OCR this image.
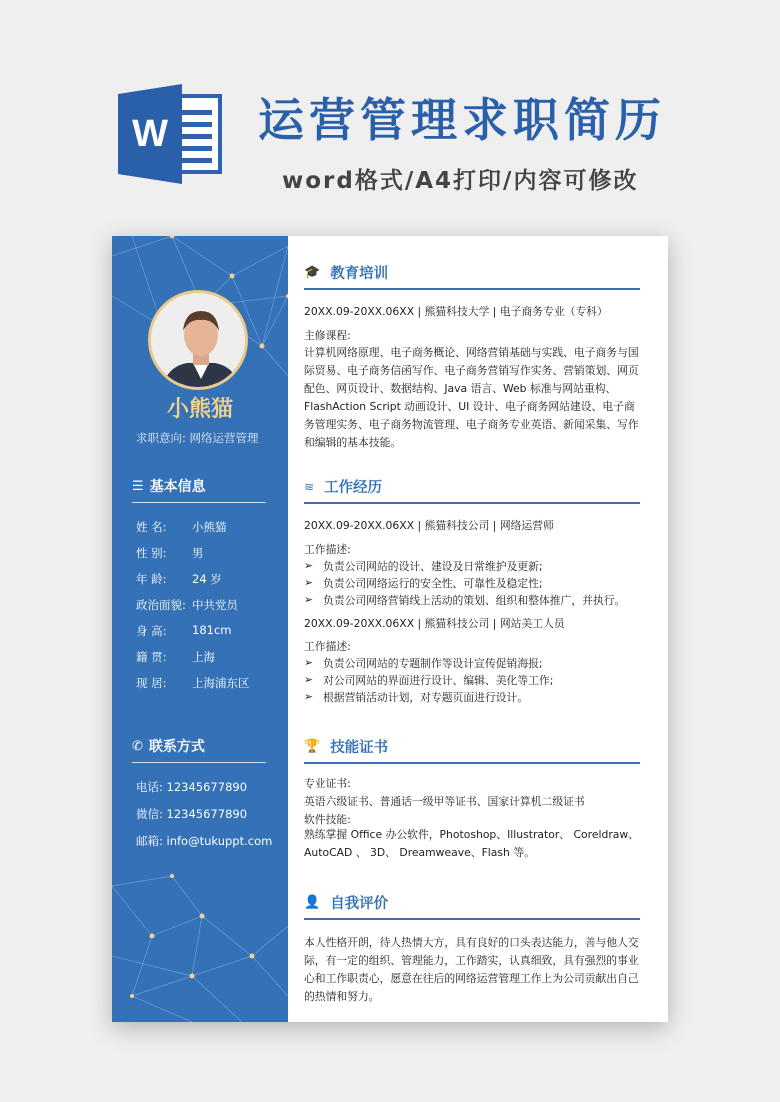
W 运营管理求职简历
word格式/A4打印/内容可修改
小熊猫
求职意向: 网络运营管理
☰ 基本信息
姓 名:	小熊猫
性 别:	男
年 龄:	24 岁
政治面貌: 中共党员
身 高:	181cm
籍 贯:	上海
现 居:	上海浦东区
✆ 联系方式
电话: 12345677890
微信: 12345677890
邮箱: info@tukuppt.com
🎓 教育培训
20XX.09-20XX.06XX | 熊猫科技大学 | 电子商务专业（专科）
主修课程:
计算机网络原理、电子商务概论、网络营销基础与实践、电子商务与国际贸易、电子商务信函写作、电子商务营销写作实务、营销策划、网页 配色、网页设计、数据结构、Java 语言、Web 标准与网站重构、FlashAction Script 动画设计、UI 设计、电子商务网站建设、电子商务管理实务、电子商务物流管理、电子商务专业英语、新闻采集、写作和编辑的基本技能。
≋ 工作经历
20XX.09-20XX.06XX | 熊猫科技公司 | 网络运营师
工作描述:
➢ 负责公司网站的设计、建设及日常维护及更新;
➢ 负责公司网络运行的安全性、可靠性及稳定性;
➢ 负责公司网络营销线上活动的策划、组织和整体推广，并执行。
20XX.09-20XX.06XX | 熊猫科技公司 | 网站美工人员
工作描述:
➢ 负责公司网站的专题制作等设计宣传促销海报;
➢ 对公司网站的界面进行设计、编辑、美化等工作;
➢ 根据营销活动计划，对专题页面进行设计。
🏆 技能证书
专业证书:
英语六级证书、普通话一级甲等证书、国家计算机二级证书
软件技能:
熟练掌握 Office 办公软件，Photoshop、Illustrator、 Coreldraw、AutoCAD 、 3D、 Dreamweave、Flash 等。
👤 自我评价
本人性格开朗，待人热情大方，具有良好的口头表达能力，善与他人交际，有一定的组织、管理能力，工作踏实，认真细致，具有强烈的事业心和工作职责心，愿意在往后的网络运营管理工作上为公司贡献出自己的热情和努力。
